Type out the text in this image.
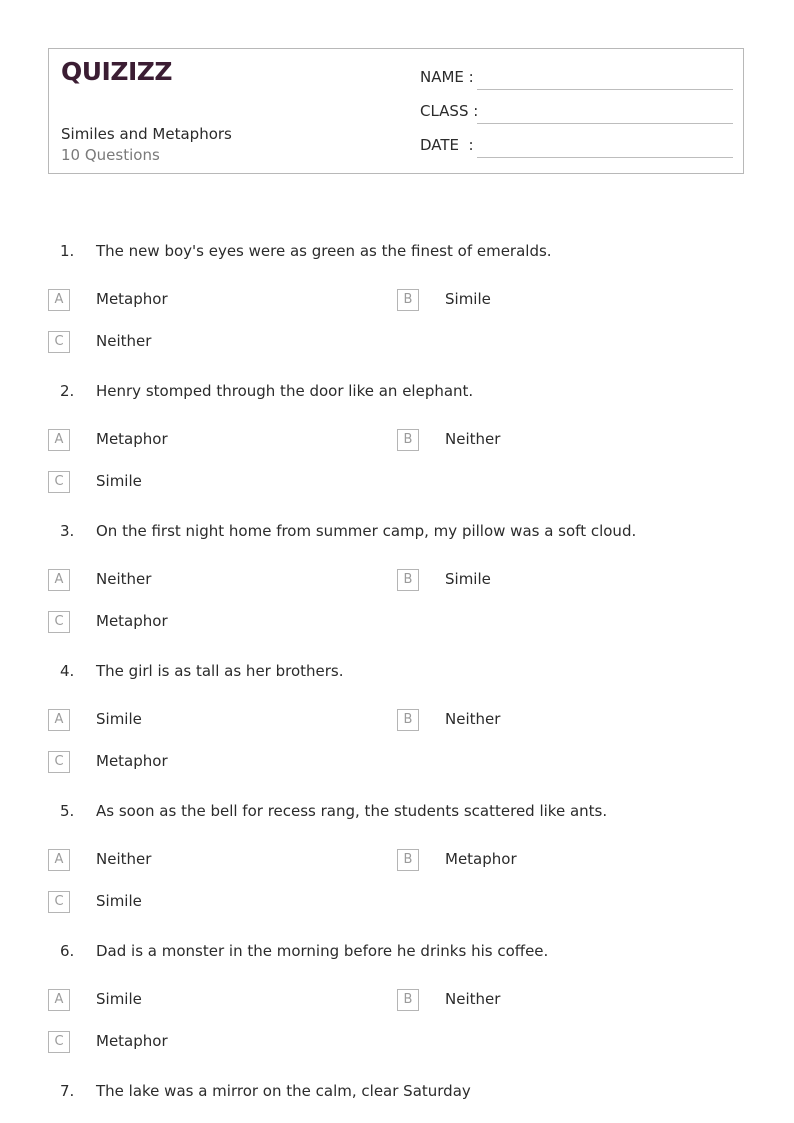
QUIZIZZ
Similes and Metaphors
10 Questions
NAME :
CLASS :
DATE  :
1. The new boy's eyes were as green as the finest of emeralds.
A	Metaphor	B	Simile
C	Neither
2. Henry stomped through the door like an elephant.
A	Metaphor	B	Neither
C	Simile
3. On the first night home from summer camp, my pillow was a soft cloud.
A	Neither	B	Simile
C	Metaphor
4. The girl is as tall as her brothers.
A	Simile	B	Neither
C	Metaphor
5. As soon as the bell for recess rang, the students scattered like ants.
A	Neither	B	Metaphor
C	Simile
6. Dad is a monster in the morning before he drinks his coffee.
A	Simile	B	Neither
C	Metaphor
7. The lake was a mirror on the calm, clear Saturday
